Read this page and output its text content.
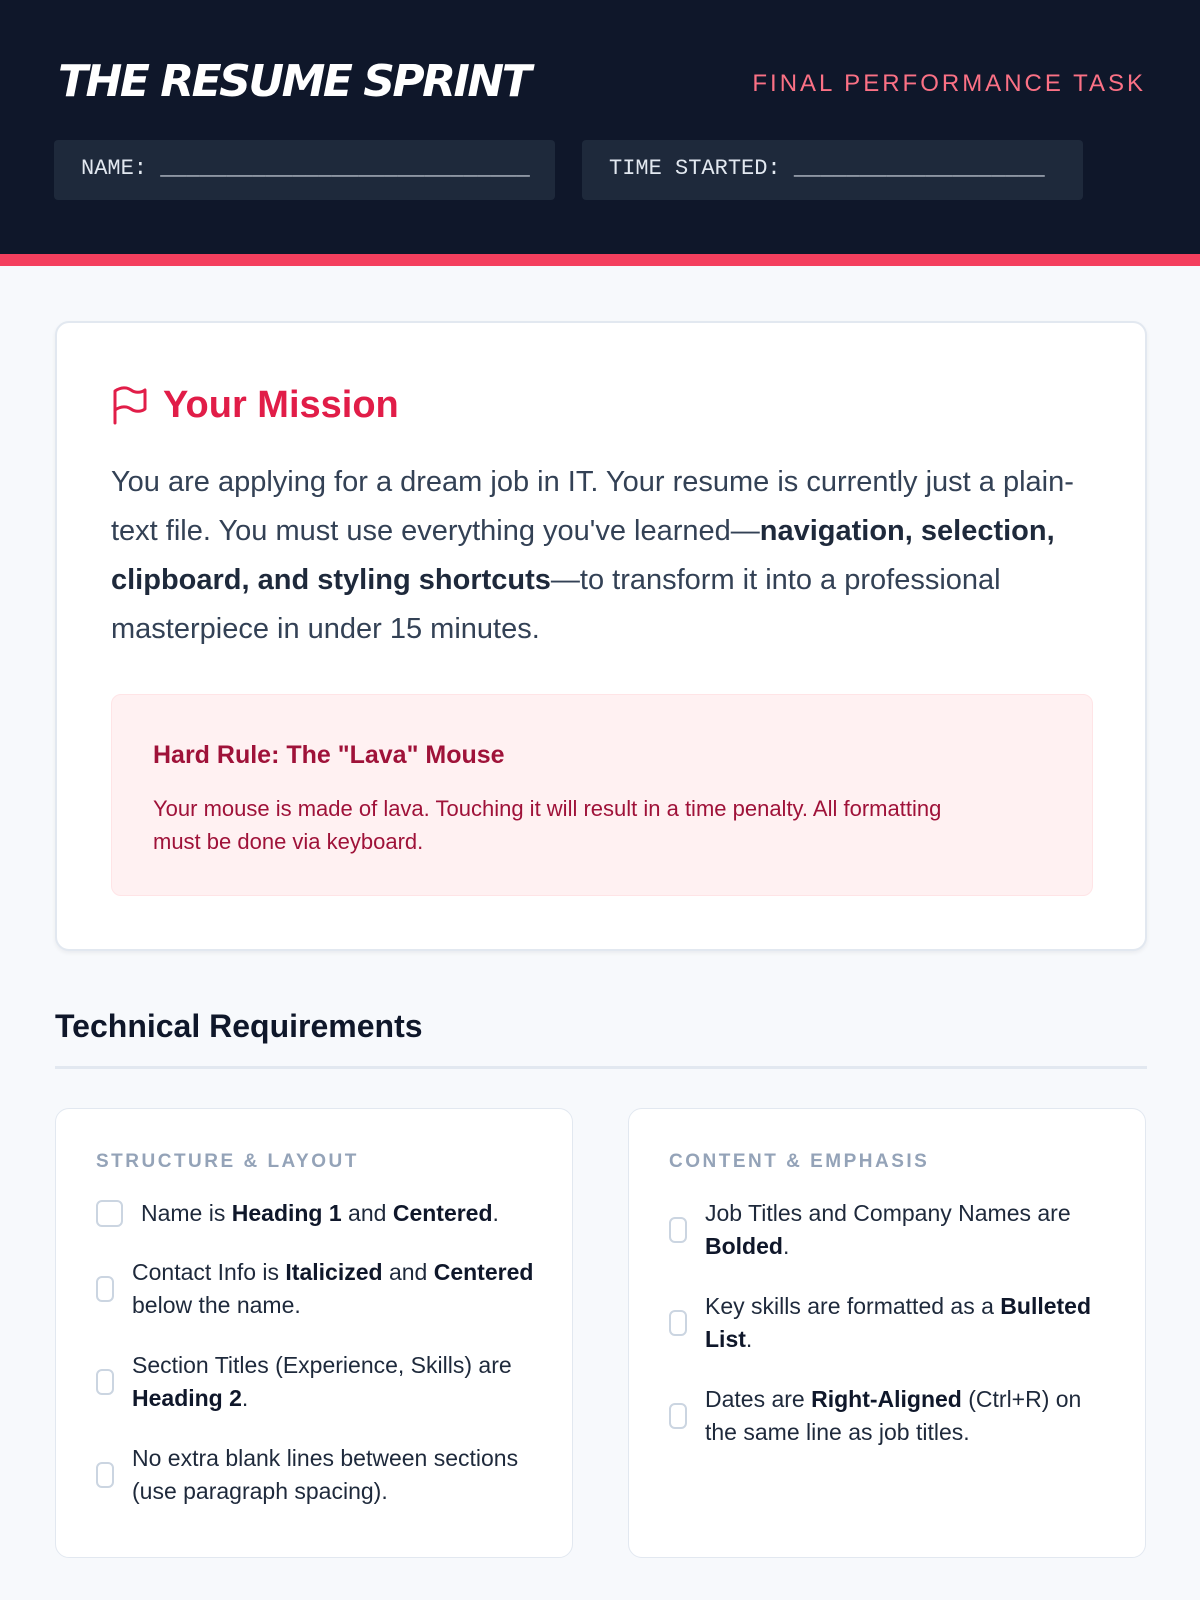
THE RESUME SPRINT	FINAL PERFORMANCE TASK
NAME: ____________________________	TIME STARTED: ___________________
Your Mission
You are applying for a dream job in IT. Your resume is currently just a plain-text file. You must use everything you've learned—navigation, selection, clipboard, and styling shortcuts—to transform it into a professional masterpiece in under 15 minutes.
Hard Rule: The "Lava" Mouse
Your mouse is made of lava. Touching it will result in a time penalty. All formatting must be done via keyboard.
Technical Requirements
STRUCTURE & LAYOUT
Name is Heading 1 and Centered.
Contact Info is Italicized and Centered below the name.
Section Titles (Experience, Skills) are Heading 2.
No extra blank lines between sections (use paragraph spacing).
CONTENT & EMPHASIS
Job Titles and Company Names are Bolded.
Key skills are formatted as a Bulleted List.
Dates are Right-Aligned (Ctrl+R) on the same line as job titles.
